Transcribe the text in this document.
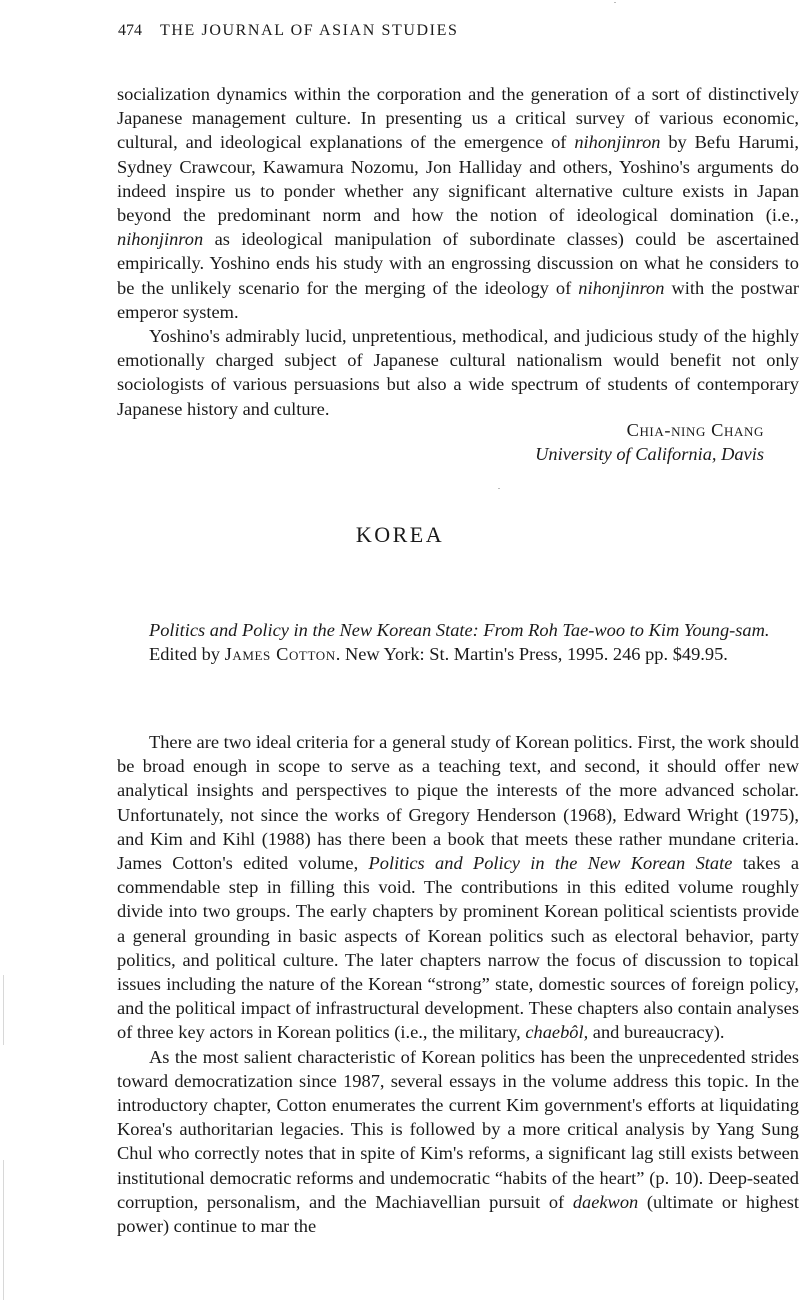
474 THE JOURNAL OF ASIAN STUDIES

socialization dynamics within the corporation and the generation of a sort of distinctively Japanese management culture. In presenting us a critical survey of various economic, cultural, and ideological explanations of the emergence of nihonjinron by Befu Harumi, Sydney Crawcour, Kawamura Nozomu, Jon Halliday and others, Yoshino's arguments do indeed inspire us to ponder whether any significant alternative culture exists in Japan beyond the predominant norm and how the notion of ideological domination (i.e., nihonjinron as ideological manipulation of subordinate classes) could be ascertained empirically. Yoshino ends his study with an engrossing discussion on what he considers to be the unlikely scenario for the merging of the ideology of nihonjinron with the postwar emperor system.

Yoshino's admirably lucid, unpretentious, methodical, and judicious study of the highly emotionally charged subject of Japanese cultural nationalism would benefit not only sociologists of various persuasions but also a wide spectrum of students of contemporary Japanese history and culture.

Chia-ning Chang
University of California, Davis
KOREA
Politics and Policy in the New Korean State: From Roh Tae-woo to Kim Young-sam. Edited by James Cotton. New York: St. Martin's Press, 1995. 246 pp. $49.95.

There are two ideal criteria for a general study of Korean politics. First, the work should be broad enough in scope to serve as a teaching text, and second, it should offer new analytical insights and perspectives to pique the interests of the more advanced scholar. Unfortunately, not since the works of Gregory Henderson (1968), Edward Wright (1975), and Kim and Kihl (1988) has there been a book that meets these rather mundane criteria. James Cotton's edited volume, Politics and Policy in the New Korean State takes a commendable step in filling this void. The contributions in this edited volume roughly divide into two groups. The early chapters by prominent Korean political scientists provide a general grounding in basic aspects of Korean politics such as electoral behavior, party politics, and political culture. The later chapters narrow the focus of discussion to topical issues including the nature of the Korean “strong” state, domestic sources of foreign policy, and the political impact of infrastructural development. These chapters also contain analyses of three key actors in Korean politics (i.e., the military, chaebôl, and bureaucracy).

As the most salient characteristic of Korean politics has been the unprecedented strides toward democratization since 1987, several essays in the volume address this topic. In the introductory chapter, Cotton enumerates the current Kim government's efforts at liquidating Korea's authoritarian legacies. This is followed by a more critical analysis by Yang Sung Chul who correctly notes that in spite of Kim's reforms, a significant lag still exists between institutional democratic reforms and undemocratic “habits of the heart” (p. 10). Deep-seated corruption, personalism, and the Machiavellian pursuit of daekwon (ultimate or highest power) continue to mar the
